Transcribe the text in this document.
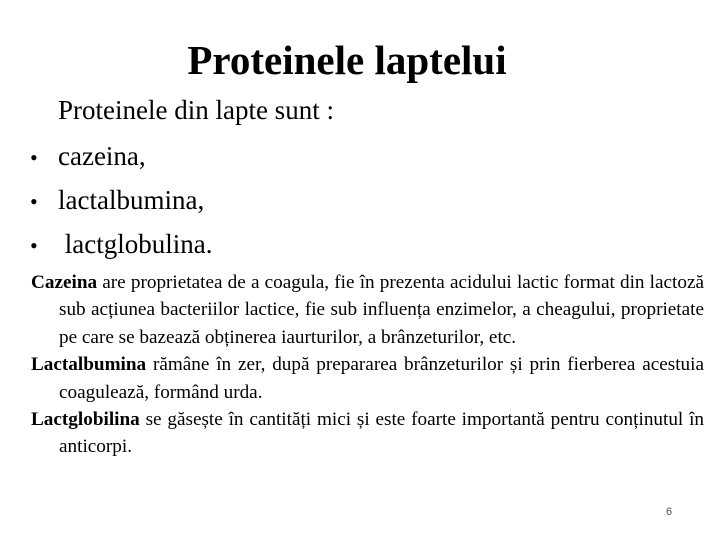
Proteinele laptelui
Proteinele din lapte sunt :
• cazeina,
• lactalbumina,
• lactglobulina.

Cazeina are proprietatea de a coagula, fie în prezenta acidului lactic format din lactoză sub acțiunea bacteriilor lactice, fie sub influența enzimelor, a cheagului, proprietate pe care se bazează obținerea iaurturilor, a brânzeturilor, etc.

Lactalbumina rămâne în zer, după prepararea brânzeturilor și prin fierberea acestuia coagulează, formând urda.

Lactglobilina se găsește în cantități mici și este foarte importantă pentru conținutul în anticorpi.

6
